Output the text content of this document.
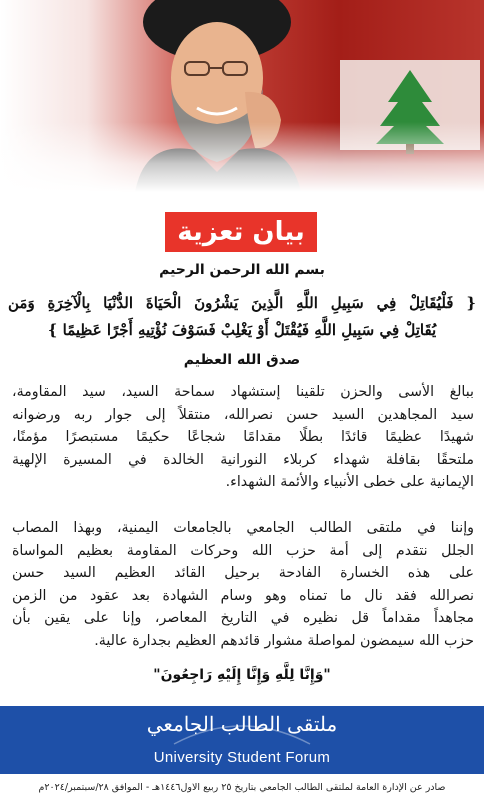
بيان تعزية
بسم الله الرحمن الرحيم
{ فَلْيُقَاتِلْ فِي سَبِيلِ اللَّهِ الَّذِينَ يَشْرُونَ الْحَيَاةَ الدُّنْيَا بِالْآخِرَةِ وَمَن
يُقَاتِلْ فِي سَبِيلِ اللَّهِ فَيُقْتَلْ أَوْ يَغْلِبْ فَسَوْفَ نُؤْتِيهِ أَجْرًا عَظِيمًا }
صدق الله العظيم
ببالغ الأسى والحزن تلقينا إستشهاد سماحة السيد، سيد المقاومة،
سيد المجاهدين السيد حسن نصرالله، منتقلاً إلى جوار ربه ورضوانه
شهيدًا عظيمًا قائدًا بطلًا مقدامًا شجاعًا حكيمًا مستبصرًا مؤمنًا،
ملتحقًا بقافلة شهداء كربلاء النورانية الخالدة في المسيرة الإلهية
الإيمانية على خطى الأنبياء والأئمة الشهداء.
وإننا في ملتقى الطالب الجامعي بالجامعات اليمنية، وبهذا المصاب
الجلل نتقدم إلى أمة حزب الله وحركات المقاومة بعظيم المواساة
على هذه الخسارة الفادحة برحيل القائد العظيم السيد حسن
نصرالله فقد نال ما تمناه وهو وسام الشهادة بعد عقود من الزمن
مجاهداً مقداماً قل نظيره في التاريخ المعاصر، وإنا على يقين بأن
حزب الله سيمضون لمواصلة مشوار قائدهم العظيم بجدارة عالية.
"وَإِنَّا لِلَّهِ وَإِنَّا إِلَيْهِ رَاجِعُونَ"
ملتقى الطالب الجامعي
University Student Forum
صادر عن الإدارة العامة لملتقى الطالب الجامعي بتاريخ ٢٥ ربيع الاول١٤٤٦هـ - الموافق ٢٨/سبتمبر/٢٠٢٤م
